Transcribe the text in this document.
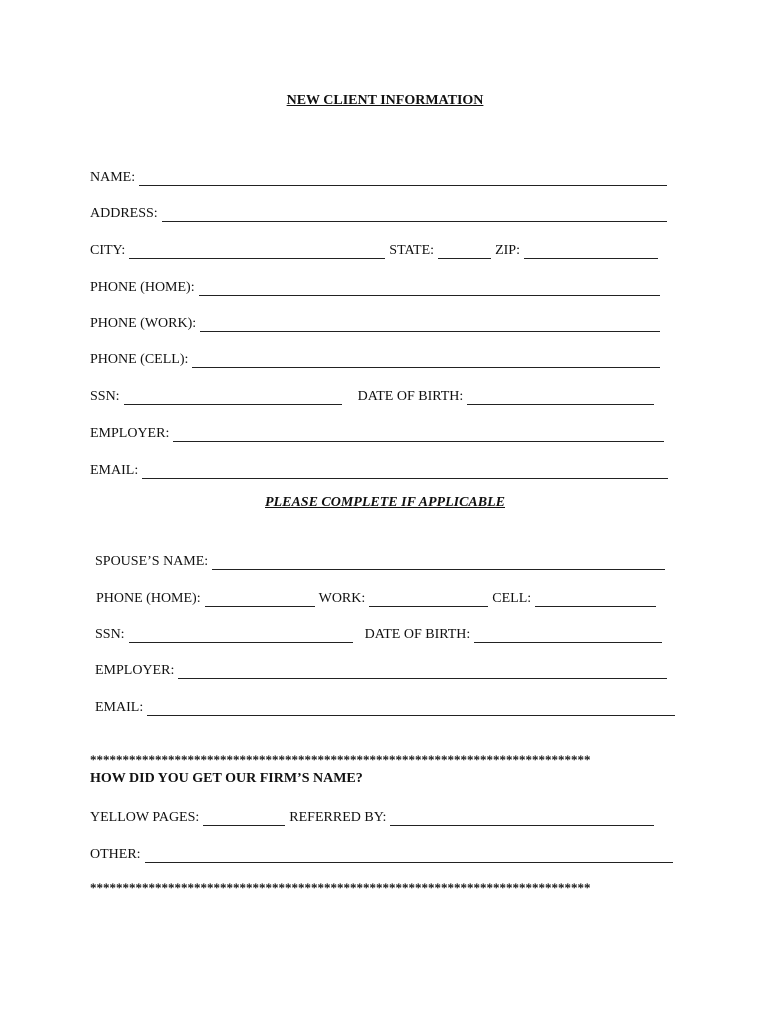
NEW CLIENT INFORMATION
NAME:
ADDRESS:
CITY:	STATE:	ZIP:
PHONE (HOME):
PHONE (WORK):
PHONE (CELL):
SSN:	DATE OF BIRTH:
EMPLOYER:
EMAIL:
PLEASE COMPLETE IF APPLICABLE
SPOUSE’S NAME:
PHONE (HOME):	WORK:	CELL:
SSN:	DATE OF BIRTH:
EMPLOYER:
EMAIL:
*****************************************************************************
HOW DID YOU GET OUR FIRM’S NAME?
YELLOW PAGES:	REFERRED BY:
OTHER:
*****************************************************************************
